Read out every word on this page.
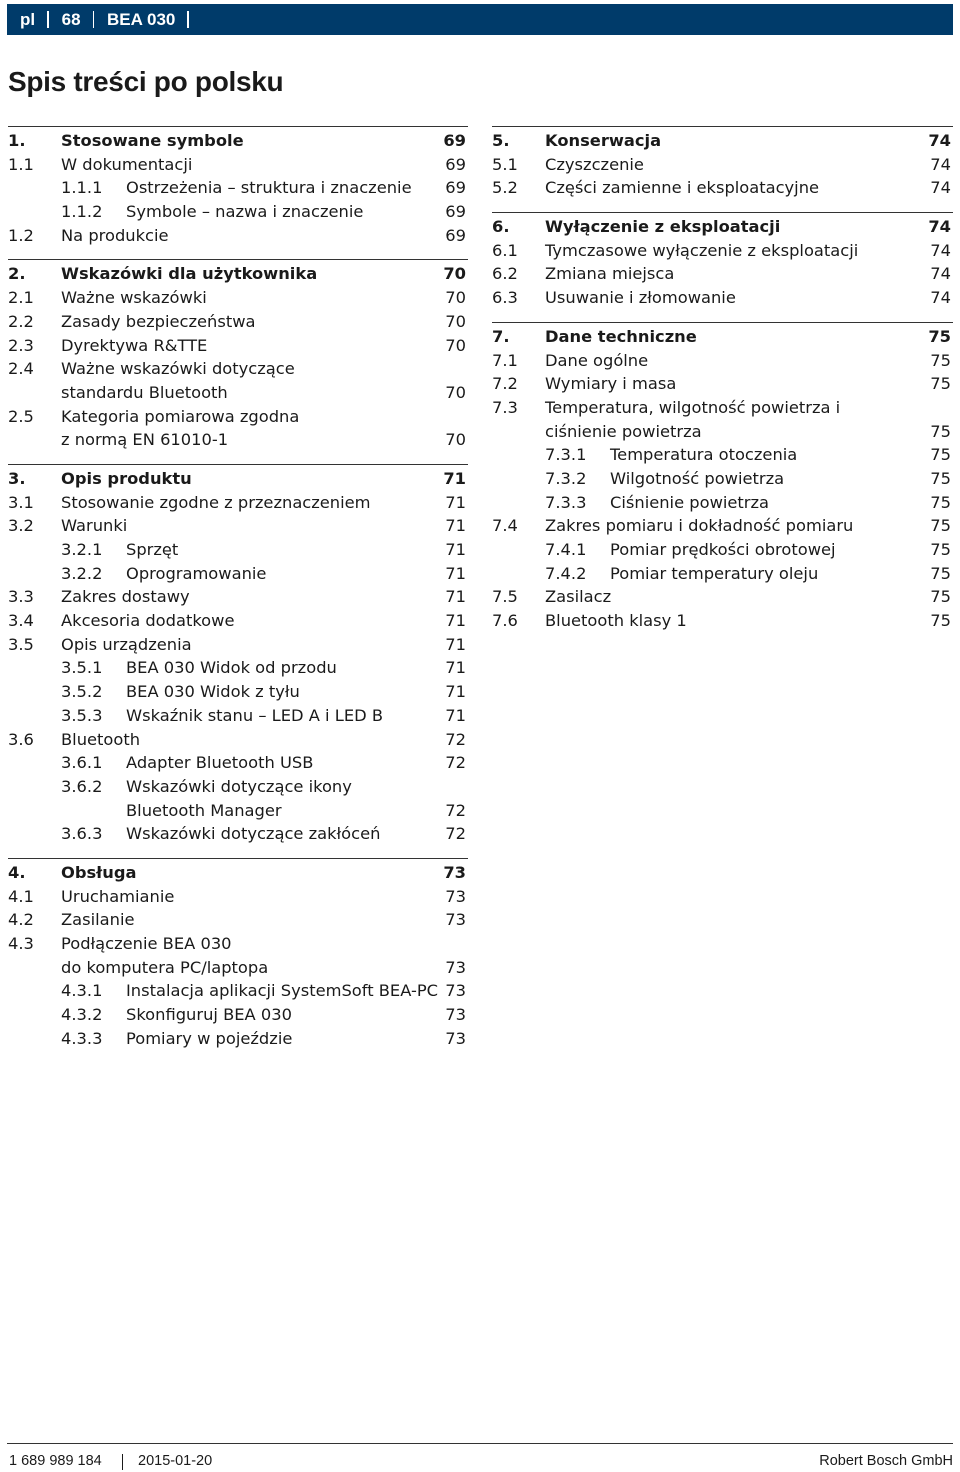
pl	68	BEA 030
Spis treści po polsku
1. Stosowane symbole	69
1.1 W dokumentacji	69
1.1.1 Ostrzeżenia – struktura i znaczenie 69
1.1.2 Symbole – nazwa i znaczenie	69
1.2 Na produkcie	69
2. Wskazówki dla użytkownika	70
2.1 Ważne wskazówki	70
2.2 Zasady bezpieczeństwa	70
2.3 Dyrektywa R&TTE	70
2.4 Ważne wskazówki dotyczące
standardu Bluetooth	70
2.5 Kategoria pomiarowa zgodna
z normą EN 61010-1	70
3. Opis produktu	71
3.1 Stosowanie zgodne z przeznaczeniem	71
3.2 Warunki	71
3.2.1 Sprzęt	71
3.2.2 Oprogramowanie	71
3.3 Zakres dostawy	71
3.4 Akcesoria dodatkowe	71
3.5 Opis urządzenia	71
3.5.1 BEA 030 Widok od przodu	71
3.5.2 BEA 030 Widok z tyłu	71
3.5.3 Wskaźnik stanu – LED A i LED B	71
3.6 Bluetooth	72
3.6.1 Adapter Bluetooth USB	72
3.6.2 Wskazówki dotyczące ikony
Bluetooth Manager	72
3.6.3 Wskazówki dotyczące zakłóceń	72
4. Obsługa	73
4.1 Uruchamianie	73
4.2 Zasilanie	73
4.3 Podłączenie BEA 030
do komputera PC/laptopa	73
4.3.1 Instalacja aplikacji SystemSoft BEA-PC 73
4.3.2 Skonfiguruj BEA 030	73
4.3.3 Pomiary w pojeździe	73
5. Konserwacja	74
5.1 Czyszczenie	74
5.2 Części zamienne i eksploatacyjne	74
6. Wyłączenie z eksploatacji	74
6.1 Tymczasowe wyłączenie z eksploatacji	74
6.2 Zmiana miejsca	74
6.3 Usuwanie i złomowanie	74
7. Dane techniczne	75
7.1 Dane ogólne	75
7.2 Wymiary i masa	75
7.3 Temperatura, wilgotność powietrza i
ciśnienie powietrza	75
7.3.1 Temperatura otoczenia	75
7.3.2 Wilgotność powietrza	75
7.3.3 Ciśnienie powietrza	75
7.4 Zakres pomiaru i dokładność pomiaru	75
7.4.1 Pomiar prędkości obrotowej	75
7.4.2 Pomiar temperatury oleju	75
7.5 Zasilacz	75
7.6 Bluetooth klasy 1	75
1 689 989 184	2015-01-20	Robert Bosch GmbH
